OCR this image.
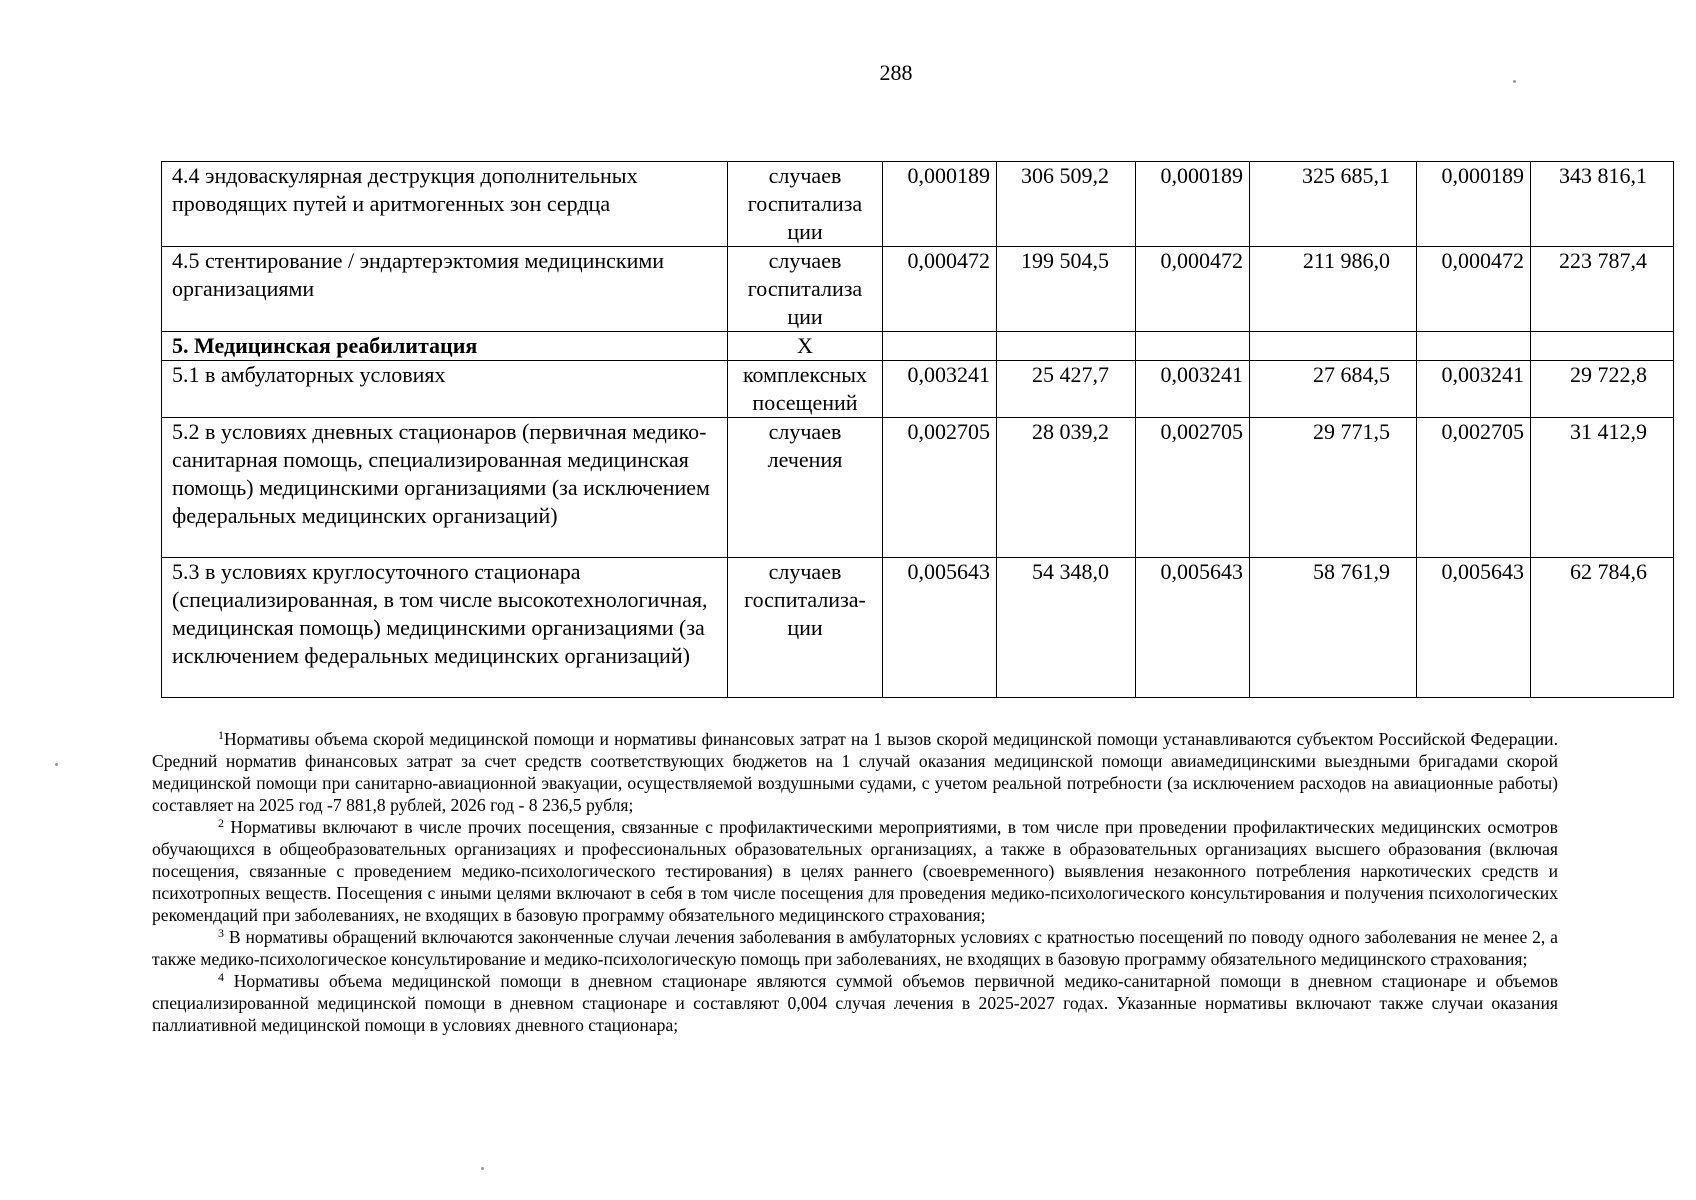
288
4.4 эндоваскулярная деструкция дополнительных проводящих путей и аритмогенных зон сердца	случаев госпитализа ции	0,000189	306 509,2	0,000189	325 685,1	0,000189	343 816,1
4.5 стентирование / эндартерэктомия медицинскими организациями	случаев госпитализа ции	0,000472	199 504,5	0,000472	211 986,0	0,000472	223 787,4
5. Медицинская реабилитация	Х						
5.1 в амбулаторных условиях	комплексных посещений	0,003241	25 427,7	0,003241	27 684,5	0,003241	29 722,8
5.2 в условиях дневных стационаров (первичная медико-санитарная помощь, специализированная медицинская помощь) медицинскими организациями (за исключением федеральных медицинских организаций)	случаев лечения	0,002705	28 039,2	0,002705	29 771,5	0,002705	31 412,9
5.3 в условиях круглосуточного стационара (специализированная, в том числе высокотехнологичная, медицинская помощь) медицинскими организациями (за исключением федеральных медицинских организаций)	случаев госпитализа- ции	0,005643	54 348,0	0,005643	58 761,9	0,005643	62 784,6

$^1$Нормативы объема скорой медицинской помощи и нормативы финансовых затрат на 1 вызов скорой медицинской помощи устанавливаются субъектом Российской Федерации. Средний норматив финансовых затрат за счет средств соответствующих бюджетов на 1 случай оказания медицинской помощи авиамедицинскими выездными бригадами скорой медицинской помощи при санитарно-авиационной эвакуации, осуществляемой воздушными судами, с учетом реальной потребности (за исключением расходов на авиационные работы) составляет на 2025 год -7 881,8 рублей, 2026 год - 8 236,5 рубля;

$^2$ Нормативы включают в числе прочих посещения, связанные с профилактическими мероприятиями, в том числе при проведении профилактических медицинских осмотров обучающихся в общеобразовательных организациях и профессиональных образовательных организациях, а также в образовательных организациях высшего образования (включая посещения, связанные с проведением медико-психологического тестирования) в целях раннего (своевременного) выявления незаконного потребления наркотических средств и психотропных веществ. Посещения с иными целями включают в себя в том числе посещения для проведения медико-психологического консультирования и получения психологических рекомендаций при заболеваниях, не входящих в базовую программу обязательного медицинского страхования;

$^3$ В нормативы обращений включаются законченные случаи лечения заболевания в амбулаторных условиях с кратностью посещений по поводу одного заболевания не менее 2, а также медико-психологическое консультирование и медико-психологическую помощь при заболеваниях, не входящих в базовую программу обязательного медицинского страхования;

$^4$ Нормативы объема медицинской помощи в дневном стационаре являются суммой объемов первичной медико-санитарной помощи в дневном стационаре и объемов специализированной медицинской помощи в дневном стационаре и составляют 0,004 случая лечения в 2025-2027 годах. Указанные нормативы включают также случаи оказания паллиативной медицинской помощи в условиях дневного стационара;
